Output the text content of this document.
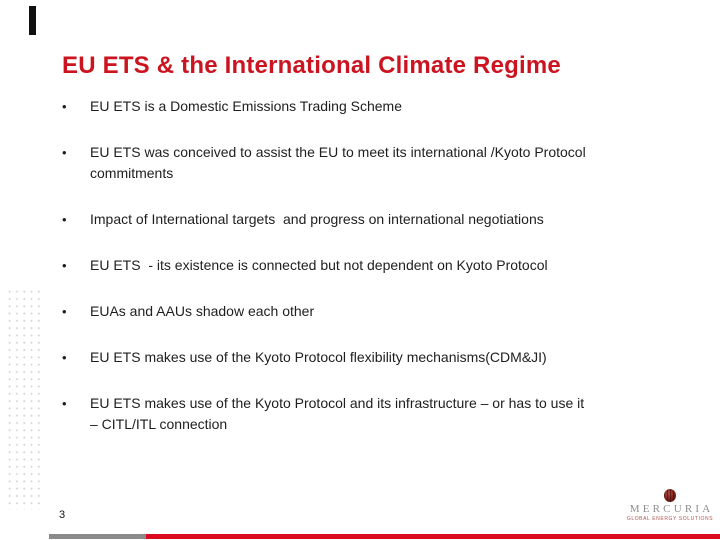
EU ETS & the International Climate Regime
•	EU ETS is a Domestic Emissions Trading Scheme
•	EU ETS was conceived to assist the EU to meet its international /Kyoto Protocol
commitments
•	Impact of International targets  and progress on international negotiations
•	EU ETS  - its existence is connected but not dependent on Kyoto Protocol
•	EUAs and AAUs shadow each other
•	EU ETS makes use of the Kyoto Protocol flexibility mechanisms(CDM&JI)
•	EU ETS makes use of the Kyoto Protocol and its infrastructure – or has to use it
– CITL/ITL connection
3	MERCURIA
GLOBAL ENERGY SOLUTIONS
